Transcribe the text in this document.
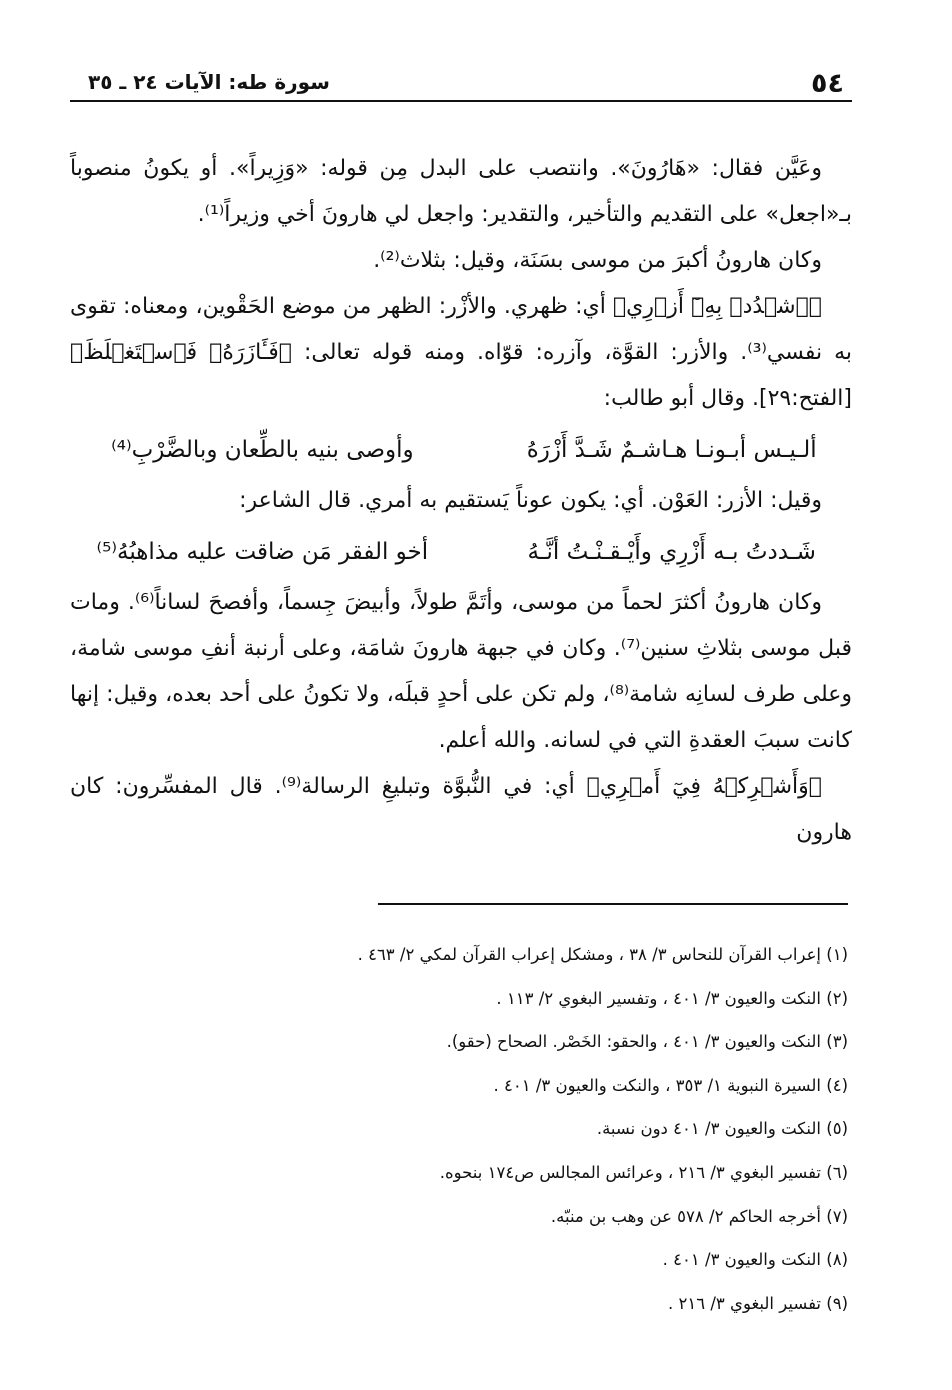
٥٤
سورة طه: الآيات ٢٤ ـ ٣٥

وعَيَّن فقال: «هَارُونَ». وانتصب على البدل مِن قوله: «وَزِيراً». أو يكونُ منصوباً بـ«اجعل» على التقديم والتأخير، والتقدير: واجعل لي هارونَ أخي وزيراً⁽¹⁾.

وكان هارونُ أكبرَ من موسى بسَنَة، وقيل: بثلاث⁽²⁾.

﴿ٱشۡدُدۡ بِهِۦٓ أَزۡرِي﴾ أي: ظهري. والأزْر: الظهر من موضع الحَقْوين، ومعناه: تقوى به نفسي⁽³⁾. والأزر: القوَّة، وآزره: قوّاه. ومنه قوله تعالى: ﴿فَـَٔازَرَهُۥ فَٱسۡتَغۡلَظَ﴾ [الفتح:٢٩]. وقال أبو طالب:

ألـيـس أبـونـا هـاشـمٌ شَـدَّ أَزْرَهُ
وأوصى بنيه بالطِّعان وبالضَّرْبِ⁽⁴⁾

وقيل: الأزر: العَوْن. أي: يكون عوناً يَستقيم به أمري. قال الشاعر:

شَـددتُ بـه أَزْرِي وأَيْـقـنْـتُ أنَّـهُ
أخو الفقر مَن ضاقت عليه مذاهبُهُ⁽⁵⁾

وكان هارونُ أكثرَ لحماً من موسى، وأتَمَّ طولاً، وأبيضَ جِسماً، وأفصحَ لساناً⁽⁶⁾. ومات قبل موسى بثلاثِ سنين⁽⁷⁾. وكان في جبهة هارونَ شامَة، وعلى أرنبة أنفِ موسى شامة، وعلى طرف لسانِه شامة⁽⁸⁾، ولم تكن على أحدٍ قبلَه، ولا تكونُ على أحد بعده، وقيل: إنها كانت سببَ العقدةِ التي في لسانه. والله أعلم.

﴿وَأَشۡرِكۡهُ فِيٓ أَمۡرِي﴾ أي: في النُّبوَّة وتبليغِ الرسالة⁽⁹⁾. قال المفسِّرون: كان هارون

(١) إعراب القرآن للنحاس ٣/ ٣٨ ، ومشكل إعراب القرآن لمكي ٢/ ٤٦٣ .

(٢) النكت والعيون ٣/ ٤٠١ ، وتفسير البغوي ٢/ ١١٣ .

(٣) النكت والعيون ٣/ ٤٠١ ، والحقو: الخَصْر. الصحاح (حقو).

(٤) السيرة النبوية ١/ ٣٥٣ ، والنكت والعيون ٣/ ٤٠١ .

(٥) النكت والعيون ٣/ ٤٠١ دون نسبة.

(٦) تفسير البغوي ٣/ ٢١٦ ، وعرائس المجالس ص١٧٤ بنحوه.

(٧) أخرجه الحاكم ٢/ ٥٧٨ عن وهب بن منبّه.

(٨) النكت والعيون ٣/ ٤٠١ .

(٩) تفسير البغوي ٣/ ٢١٦ .
